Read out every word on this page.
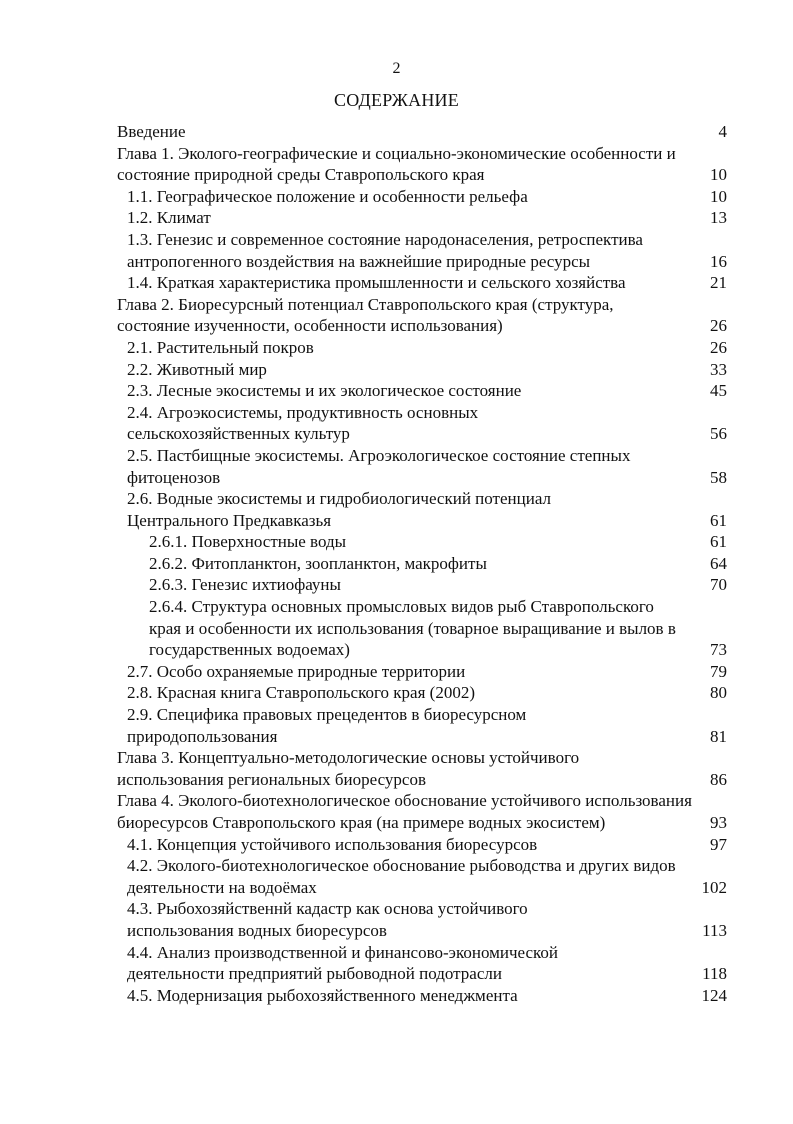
2
СОДЕРЖАНИЕ
Введение	4
Глава 1. Эколого-географические и социально-экономические особенности и состояние природной среды Ставропольского края	10
1.1. Географическое положение и особенности рельефа	10
1.2. Климат	13
1.3. Генезис и современное состояние народонаселения, ретроспектива антропогенного воздействия на важнейшие природные ресурсы	16
1.4. Краткая характеристика промышленности и сельского хозяйства	21
Глава 2. Биоресурсный потенциал Ставропольского края (структура, состояние изученности, особенности использования)	26
2.1. Растительный покров	26
2.2. Животный мир	33
2.3. Лесные экосистемы и их экологическое состояние	45
2.4. Агроэкосистемы, продуктивность основных сельскохозяйственных культур	56
2.5. Пастбищные экосистемы. Агроэкологическое состояние степных фитоценозов	58
2.6. Водные экосистемы и гидробиологический потенциал Центрального Предкавказья	61
2.6.1. Поверхностные воды	61
2.6.2. Фитопланктон, зоопланктон, макрофиты	64
2.6.3. Генезис ихтиофауны	70
2.6.4. Структура основных промысловых видов рыб Ставропольского края и особенности их использования (товарное выращивание и вылов в государственных водоемах)	73
2.7. Особо охраняемые природные территории	79
2.8. Красная книга Ставропольского края (2002)	80
2.9. Специфика правовых прецедентов в биоресурсном природопользования	81
Глава 3. Концептуально-методологические основы устойчивого использования региональных биоресурсов	86
Глава 4. Эколого-биотехнологическое обоснование устойчивого использования биоресурсов Ставропольского края (на примере водных экосистем)	93
4.1. Концепция устойчивого использования биоресурсов	97
4.2. Эколого-биотехнологическое обоснование рыбоводства и других видов деятельности на водоёмах	102
4.3. Рыбохозяйственнй кадастр как основа устойчивого использования водных биоресурсов	113
4.4. Анализ производственной и финансово-экономической деятельности предприятий рыбоводной подотрасли	118
4.5. Модернизация рыбохозяйственного менеджмента	124
